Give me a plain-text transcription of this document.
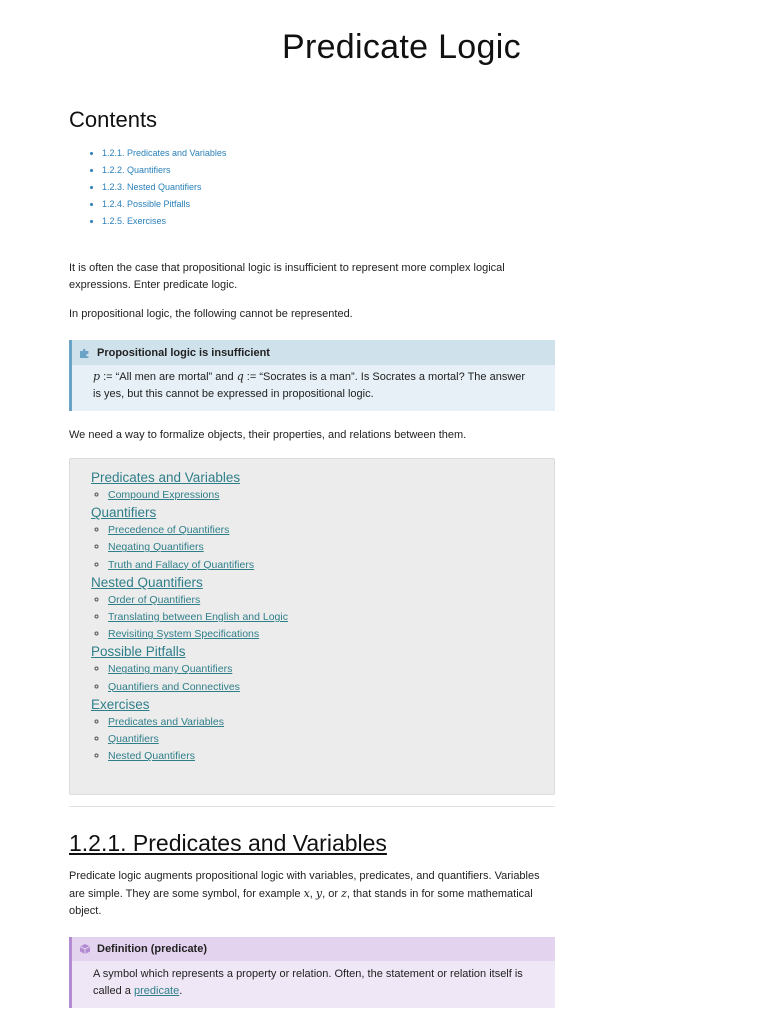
Predicate Logic
Contents
• 1.2.1. Predicates and Variables
• 1.2.2. Quantifiers
• 1.2.3. Nested Quantifiers
• 1.2.4. Possible Pitfalls
• 1.2.5. Exercises

It is often the case that propositional logic is insufficient to represent more complex logical expressions. Enter predicate logic.

In propositional logic, the following cannot be represented.

Propositional logic is insufficient
p := “All men are mortal” and q := “Socrates is a man”. Is Socrates a mortal? The answer is yes, but this cannot be expressed in propositional logic.

We need a way to formalize objects, their properties, and relations between them.

Predicates and Variables
◦ Compound Expressions
Quantifiers
◦ Precedence of Quantifiers
◦ Negating Quantifiers
◦ Truth and Fallacy of Quantifiers
Nested Quantifiers
◦ Order of Quantifiers
◦ Translating between English and Logic
◦ Revisiting System Specifications
Possible Pitfalls
◦ Negating many Quantifiers
◦ Quantifiers and Connectives
Exercises
◦ Predicates and Variables
◦ Quantifiers
◦ Nested Quantifiers
1.2.1. Predicates and Variables

Predicate logic augments propositional logic with variables, predicates, and quantifiers. Variables are simple. They are some symbol, for example x, y, or z, that stands in for some mathematical object.

Definition (predicate)
A symbol which represents a property or relation. Often, the statement or relation itself is called a predicate.
